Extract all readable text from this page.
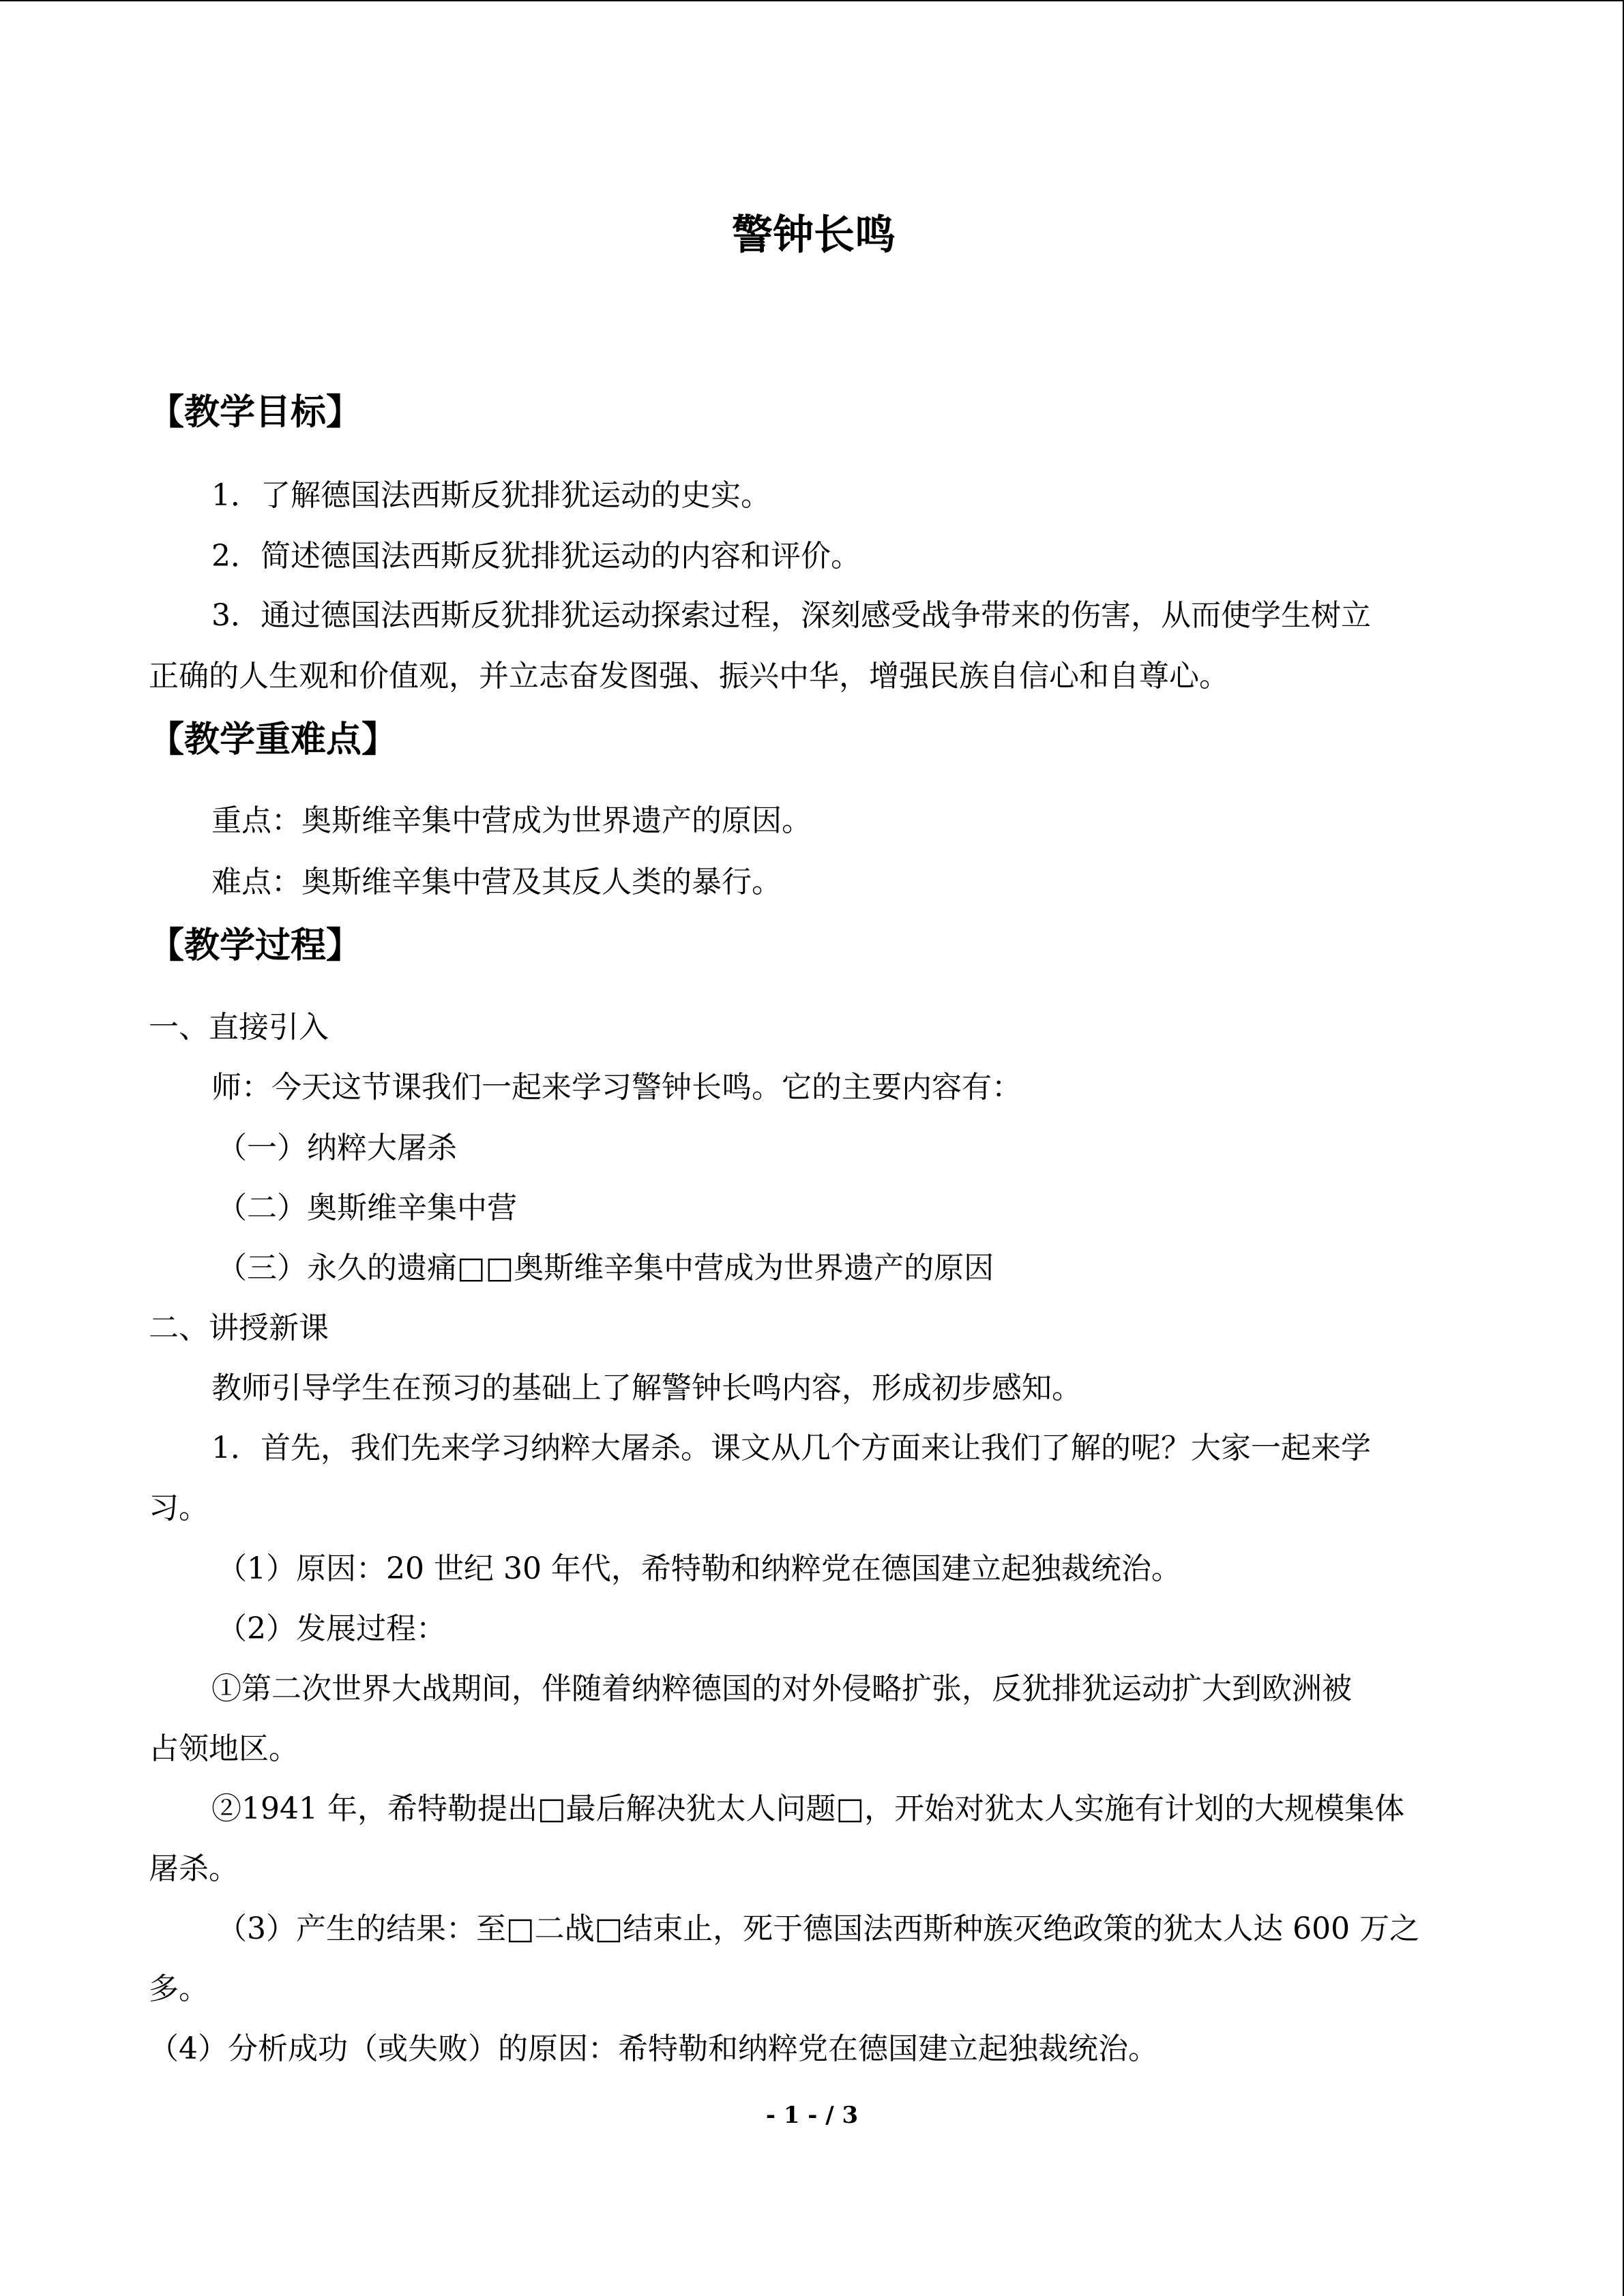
警钟长鸣
【教学目标】
1．了解德国法西斯反犹排犹运动的史实。
2．简述德国法西斯反犹排犹运动的内容和评价。
3．通过德国法西斯反犹排犹运动探索过程，深刻感受战争带来的伤害，从而使学生树立
正确的人生观和价值观，并立志奋发图强、振兴中华，增强民族自信心和自尊心。
【教学重难点】
重点：奥斯维辛集中营成为世界遗产的原因。
难点：奥斯维辛集中营及其反人类的暴行。
【教学过程】
一、直接引入
师：今天这节课我们一起来学习警钟长鸣。它的主要内容有：
（一）纳粹大屠杀
（二）奥斯维辛集中营
（三）永久的遗痛□□奥斯维辛集中营成为世界遗产的原因
二、讲授新课
教师引导学生在预习的基础上了解警钟长鸣内容，形成初步感知。
1．首先，我们先来学习纳粹大屠杀。课文从几个方面来让我们了解的呢？大家一起来学
习。
（1）原因：20 世纪 30 年代，希特勒和纳粹党在德国建立起独裁统治。
（2）发展过程：
①第二次世界大战期间，伴随着纳粹德国的对外侵略扩张，反犹排犹运动扩大到欧洲被
占领地区。
②1941 年，希特勒提出□最后解决犹太人问题□，开始对犹太人实施有计划的大规模集体
屠杀。
（3）产生的结果：至□二战□结束止，死于德国法西斯种族灭绝政策的犹太人达 600 万之
多。
（4）分析成功（或失败）的原因：希特勒和纳粹党在德国建立起独裁统治。
- 1 - / 3
